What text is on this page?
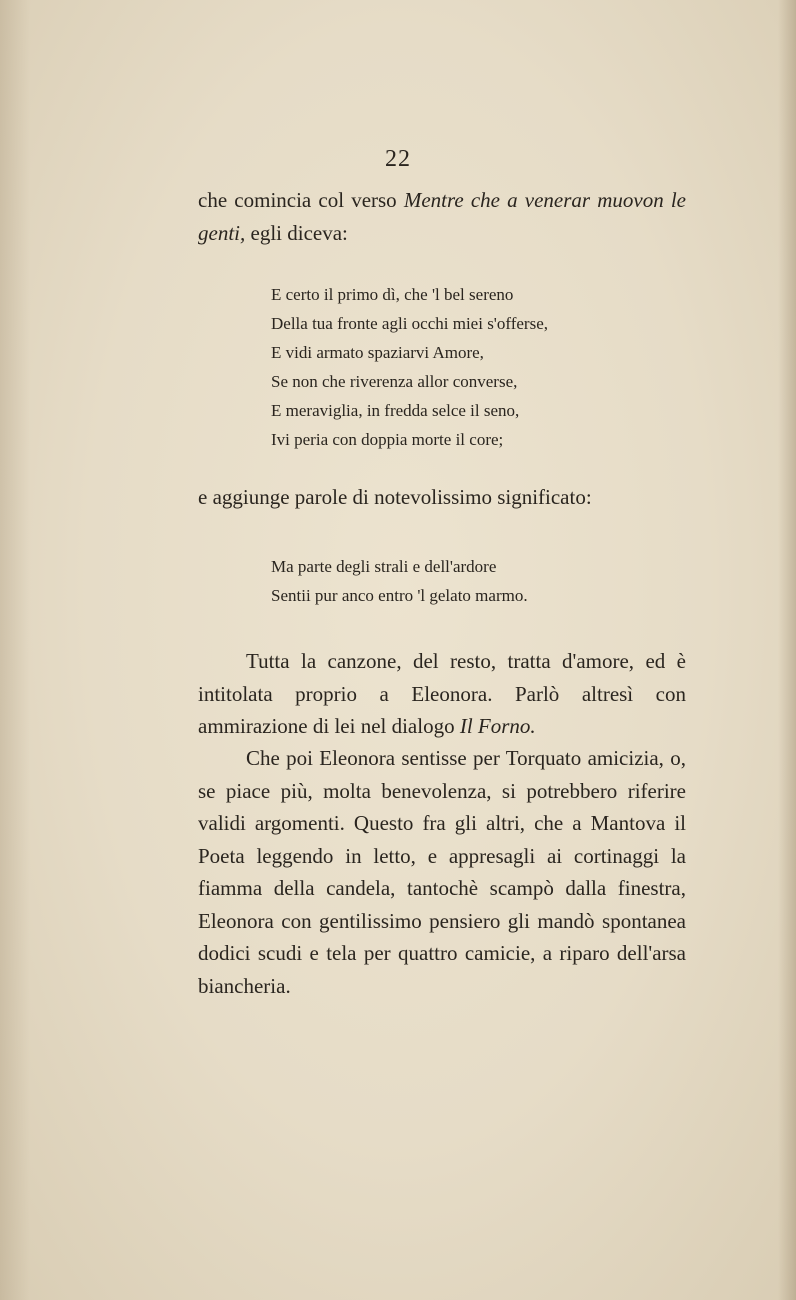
22

che comincia col verso Mentre che a venerar muovon le genti, egli diceva:

E certo il primo dì, che 'l bel sereno
Della tua fronte agli occhi miei s'offerse,
E vidi armato spaziarvi Amore,
Se non che riverenza allor converse,
E meraviglia, in fredda selce il seno,
Ivi peria con doppia morte il core;

e aggiunge parole di notevolissimo significato:

Ma parte degli strali e dell'ardore
Sentii pur anco entro 'l gelato marmo.

Tutta la canzone, del resto, tratta d'amore, ed è intitolata proprio a Eleonora. Parlò altresì con ammirazione di lei nel dialogo Il Forno.

Che poi Eleonora sentisse per Torquato amicizia, o, se piace più, molta benevolenza, si potrebbero riferire validi argomenti. Questo fra gli altri, che a Mantova il Poeta leggendo in letto, e appresagli ai cortinaggi la fiamma della candela, tantochè scampò dalla finestra, Eleonora con gentilissimo pensiero gli mandò spontanea dodici scudi e tela per quattro camicie, a riparo dell'arsa biancheria.
